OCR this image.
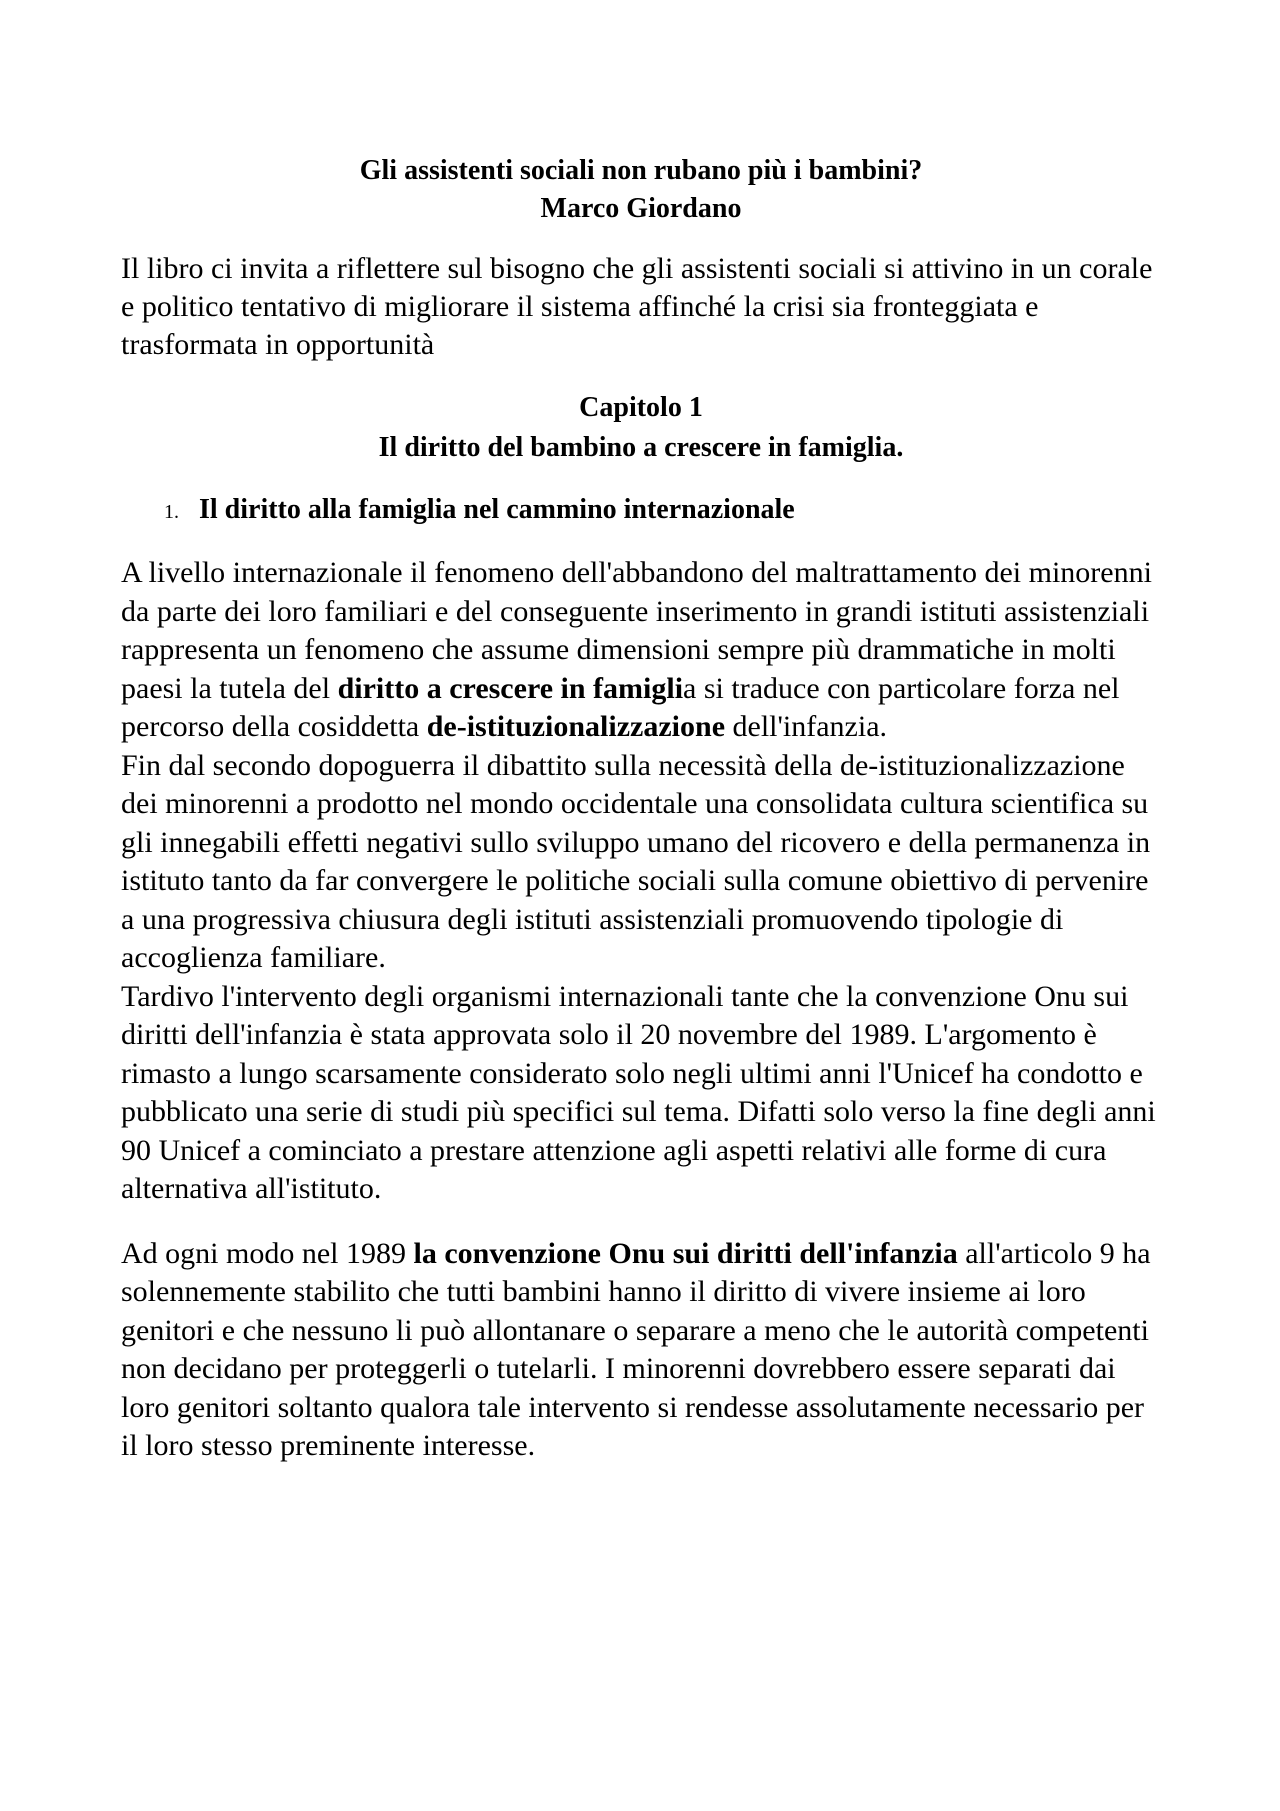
Gli assistenti sociali non rubano più i bambini?
Marco Giordano

Il libro ci invita a riflettere sul bisogno che gli assistenti sociali si attivino in un corale e politico tentativo di migliorare il sistema affinché la crisi sia fronteggiata e trasformata in opportunità

Capitolo 1
Il diritto del bambino a crescere in famiglia.

1. Il diritto alla famiglia nel cammino internazionale

A livello internazionale il fenomeno dell'abbandono del maltrattamento dei minorenni da parte dei loro familiari e del conseguente inserimento in grandi istituti assistenziali rappresenta un fenomeno che assume dimensioni sempre più drammatiche in molti paesi la tutela del diritto a crescere in famiglia si traduce con particolare forza nel percorso della cosiddetta de-istituzionalizzazione dell'infanzia.

Fin dal secondo dopoguerra il dibattito sulla necessità della de-istituzionalizzazione dei minorenni a prodotto nel mondo occidentale una consolidata cultura scientifica su gli innegabili effetti negativi sullo sviluppo umano del ricovero e della permanenza in istituto tanto da far convergere le politiche sociali sulla comune obiettivo di pervenire a una progressiva chiusura degli istituti assistenziali promuovendo tipologie di accoglienza familiare.

Tardivo l'intervento degli organismi internazionali tante che la convenzione Onu sui diritti dell'infanzia è stata approvata solo il 20 novembre del 1989. L'argomento è rimasto a lungo scarsamente considerato solo negli ultimi anni l'Unicef ha condotto e pubblicato una serie di studi più specifici sul tema. Difatti solo verso la fine degli anni 90 Unicef a cominciato a prestare attenzione agli aspetti relativi alle forme di cura alternativa all'istituto.

Ad ogni modo nel 1989 la convenzione Onu sui diritti dell'infanzia all'articolo 9 ha solennemente stabilito che tutti bambini hanno il diritto di vivere insieme ai loro genitori e che nessuno li può allontanare o separare a meno che le autorità competenti non decidano per proteggerli o tutelarli. I minorenni dovrebbero essere separati dai loro genitori soltanto qualora tale intervento si rendesse assolutamente necessario per il loro stesso preminente interesse.
